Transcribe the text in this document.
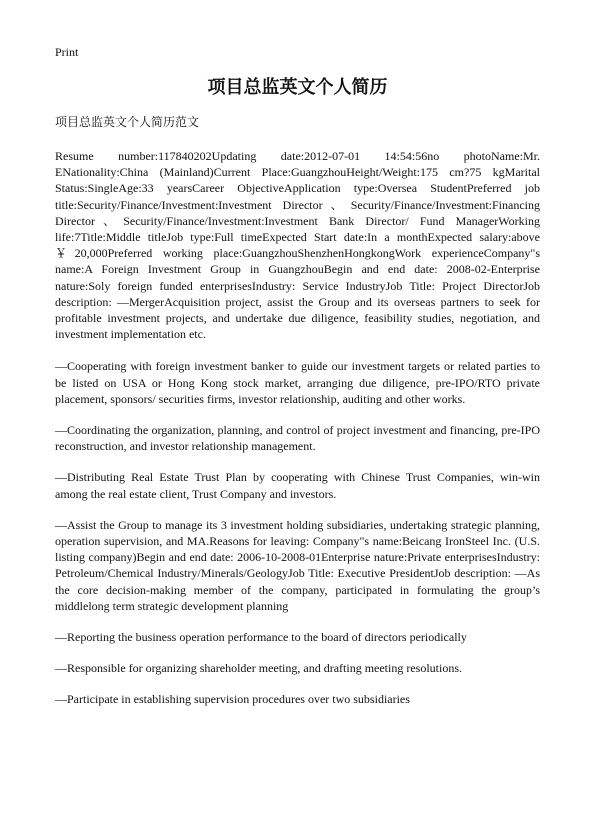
Print
项目总监英文个人简历
项目总监英文个人简历范文
Resume number:117840202Updating date:2012-07-01 14:54:56no photoName:Mr. ENationality:China (Mainland)Current Place:GuangzhouHeight/Weight:175 cm?75 kgMarital Status:SingleAge:33 yearsCareer ObjectiveApplication type:Oversea StudentPreferred job title:Security/Finance/Investment:Investment Director、Security/Finance/Investment:Financing Director、Security/Finance/Investment:Investment Bank Director/ Fund ManagerWorking life:7Title:Middle titleJob type:Full timeExpected Start date:In a monthExpected salary:above ￥20,000Preferred working place:GuangzhouShenzhenHongkongWork experienceCompany"s name:A Foreign Investment Group in GuangzhouBegin and end date: 2008-02-Enterprise nature:Soly foreign funded enterprisesIndustry: Service IndustryJob Title: Project DirectorJob description: —MergerAcquisition project, assist the Group and its overseas partners to seek for profitable investment projects, and undertake due diligence, feasibility studies, negotiation, and investment implementation etc.
—Cooperating with foreign investment banker to guide our investment targets or related parties to be listed on USA or Hong Kong stock market, arranging due diligence, pre-IPO/RTO private placement, sponsors/ securities firms, investor relationship, auditing and other works.
—Coordinating the organization, planning, and control of project investment and financing, pre-IPO reconstruction, and investor relationship management.
—Distributing Real Estate Trust Plan by cooperating with Chinese Trust Companies, win-win among the real estate client, Trust Company and investors.
—Assist the Group to manage its 3 investment holding subsidiaries, undertaking strategic planning, operation supervision, and MA.Reasons for leaving: Company"s name:Beicang IronSteel Inc. (U.S. listing company)Begin and end date: 2006-10-2008-01Enterprise nature:Private enterprisesIndustry: Petroleum/Chemical Industry/Minerals/GeologyJob Title: Executive PresidentJob description: —As the core decision-making member of the company, participated in formulating the group’s middlelong term strategic development planning
—Reporting the business operation performance to the board of directors periodically
—Responsible for organizing shareholder meeting, and drafting meeting resolutions.
—Participate in establishing supervision procedures over two subsidiaries
